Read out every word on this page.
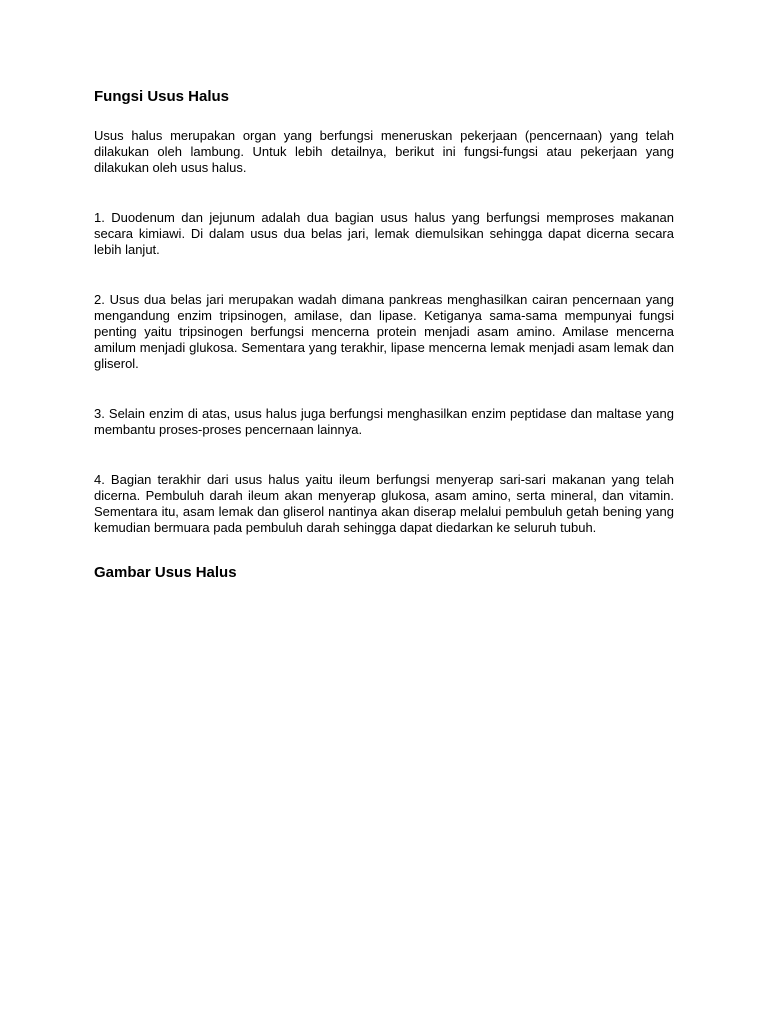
Fungsi Usus Halus

Usus halus merupakan organ yang berfungsi meneruskan pekerjaan (pencernaan) yang telah dilakukan oleh lambung. Untuk lebih detailnya, berikut ini fungsi-fungsi atau pekerjaan yang dilakukan oleh usus halus.

1. Duodenum dan jejunum adalah dua bagian usus halus yang berfungsi memproses makanan secara kimiawi. Di dalam usus dua belas jari, lemak diemulsikan sehingga dapat dicerna secara lebih lanjut.

2. Usus dua belas jari merupakan wadah dimana pankreas menghasilkan cairan pencernaan yang mengandung enzim tripsinogen, amilase, dan lipase. Ketiganya sama-sama mempunyai fungsi penting yaitu tripsinogen berfungsi mencerna protein menjadi asam amino. Amilase mencerna amilum menjadi glukosa. Sementara yang terakhir, lipase mencerna lemak menjadi asam lemak dan gliserol.

3. Selain enzim di atas, usus halus juga berfungsi menghasilkan enzim peptidase dan maltase yang membantu proses-proses pencernaan lainnya.

4. Bagian terakhir dari usus halus yaitu ileum berfungsi menyerap sari-sari makanan yang telah dicerna. Pembuluh darah ileum akan menyerap glukosa, asam amino, serta mineral, dan vitamin. Sementara itu, asam lemak dan gliserol nantinya akan diserap melalui pembuluh getah bening yang kemudian bermuara pada pembuluh darah sehingga dapat diedarkan ke seluruh tubuh.

Gambar Usus Halus
